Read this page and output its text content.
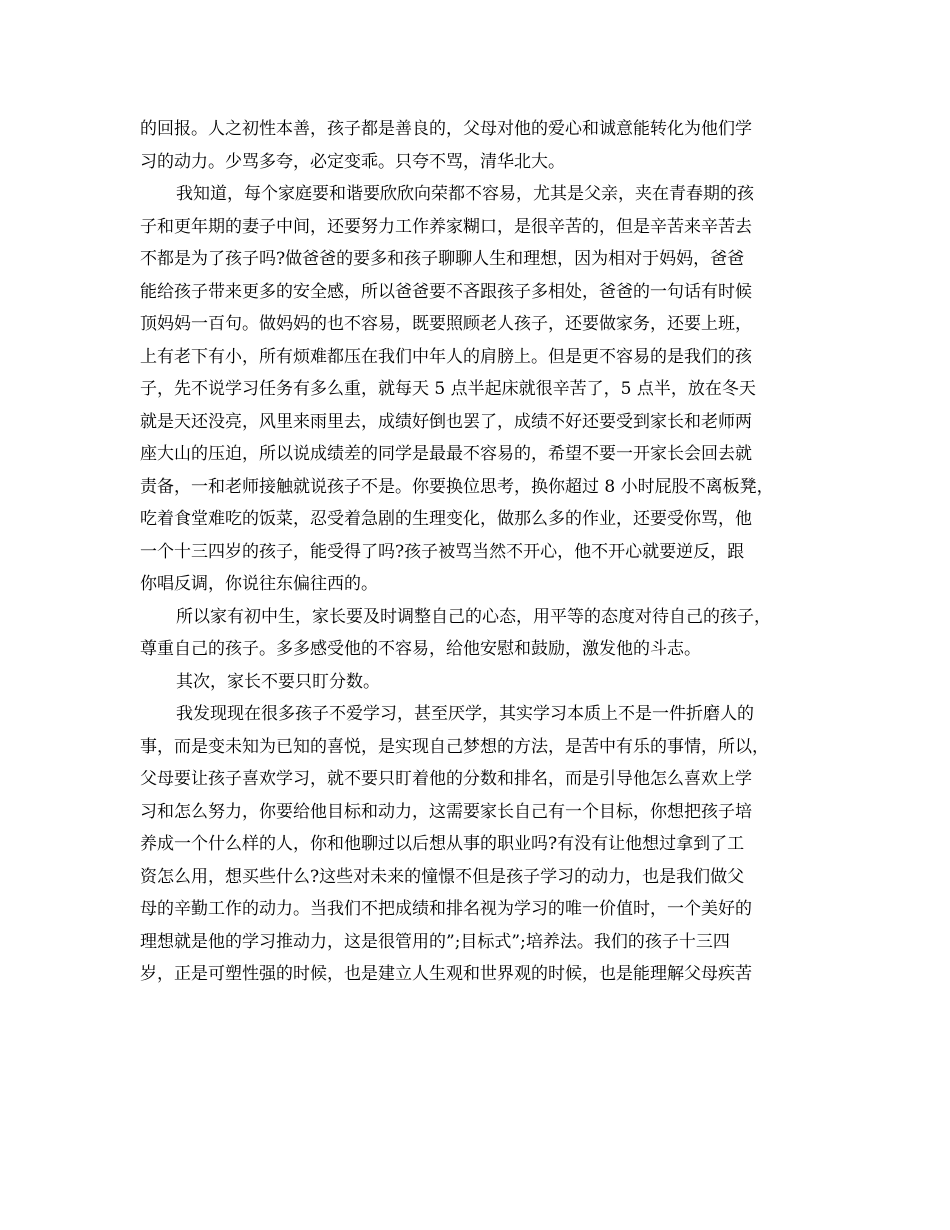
的回报。人之初性本善，孩子都是善良的，父母对他的爱心和诚意能转化为他们学
习的动力。少骂多夸，必定变乖。只夸不骂，清华北大。
我知道，每个家庭要和谐要欣欣向荣都不容易，尤其是父亲，夹在青春期的孩
子和更年期的妻子中间，还要努力工作养家糊口，是很辛苦的，但是辛苦来辛苦去
不都是为了孩子吗?做爸爸的要多和孩子聊聊人生和理想，因为相对于妈妈，爸爸
能给孩子带来更多的安全感，所以爸爸要不吝跟孩子多相处，爸爸的一句话有时候
顶妈妈一百句。做妈妈的也不容易，既要照顾老人孩子，还要做家务，还要上班，
上有老下有小，所有烦难都压在我们中年人的肩膀上。但是更不容易的是我们的孩
子，先不说学习任务有多么重，就每天 5 点半起床就很辛苦了，5 点半，放在冬天
就是天还没亮，风里来雨里去，成绩好倒也罢了，成绩不好还要受到家长和老师两
座大山的压迫，所以说成绩差的同学是最最不容易的，希望不要一开家长会回去就
责备，一和老师接触就说孩子不是。你要换位思考，换你超过 8 小时屁股不离板凳，
吃着食堂难吃的饭菜，忍受着急剧的生理变化，做那么多的作业，还要受你骂，他
一个十三四岁的孩子，能受得了吗?孩子被骂当然不开心，他不开心就要逆反，跟
你唱反调，你说往东偏往西的。
所以家有初中生，家长要及时调整自己的心态，用平等的态度对待自己的孩子，
尊重自己的孩子。多多感受他的不容易，给他安慰和鼓励，激发他的斗志。
其次，家长不要只盯分数。
我发现现在很多孩子不爱学习，甚至厌学，其实学习本质上不是一件折磨人的
事，而是变未知为已知的喜悦，是实现自己梦想的方法，是苦中有乐的事情，所以，
父母要让孩子喜欢学习，就不要只盯着他的分数和排名，而是引导他怎么喜欢上学
习和怎么努力，你要给他目标和动力，这需要家长自己有一个目标，你想把孩子培
养成一个什么样的人，你和他聊过以后想从事的职业吗?有没有让他想过拿到了工
资怎么用，想买些什么?这些对未来的憧憬不但是孩子学习的动力，也是我们做父
母的辛勤工作的动力。当我们不把成绩和排名视为学习的唯一价值时，一个美好的
理想就是他的学习推动力，这是很管用的”;目标式”;培养法。我们的孩子十三四
岁，正是可塑性强的时候，也是建立人生观和世界观的时候，也是能理解父母疾苦
